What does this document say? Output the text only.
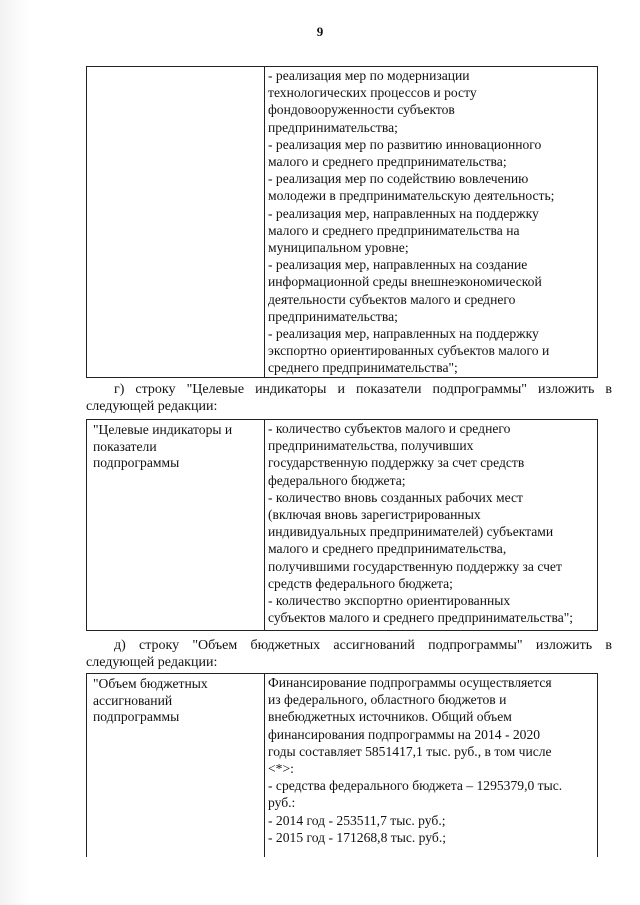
9
- реализация мер по модернизации
технологических процессов и росту
фондовооруженности субъектов
предпринимательства;
- реализация мер по развитию инновационного
малого и среднего предпринимательства;
- реализация мер по содействию вовлечению
молодежи в предпринимательскую деятельность;
- реализация мер, направленных на поддержку
малого и среднего предпринимательства на
муниципальном уровне;
- реализация мер, направленных на создание
информационной среды внешнеэкономической
деятельности субъектов малого и среднего
предпринимательства;
- реализация мер, направленных на поддержку
экспортно ориентированных субъектов малого и
среднего предпринимательства";
г) строку "Целевые индикаторы и показатели подпрограммы" изложить в
следующей редакции:
"Целевые индикаторы и
показатели
подпрограммы
- количество субъектов малого и среднего
предпринимательства, получивших
государственную поддержку за счет средств
федерального бюджета;
- количество вновь созданных рабочих мест
(включая вновь зарегистрированных
индивидуальных предпринимателей) субъектами
малого и среднего предпринимательства,
получившими государственную поддержку за счет
средств федерального бюджета;
- количество экспортно ориентированных
субъектов малого и среднего предпринимательства";
д) строку "Объем бюджетных ассигнований подпрограммы" изложить в
следующей редакции:
"Объем бюджетных
ассигнований
подпрограммы
Финансирование подпрограммы осуществляется
из федерального, областного бюджетов и
внебюджетных источников. Общий объем
финансирования подпрограммы на 2014 - 2020
годы составляет 5851417,1 тыс. руб., в том числе
<*>:
- средства федерального бюджета – 1295379,0 тыс.
руб.:
- 2014 год - 253511,7 тыс. руб.;
- 2015 год - 171268,8 тыс. руб.;
